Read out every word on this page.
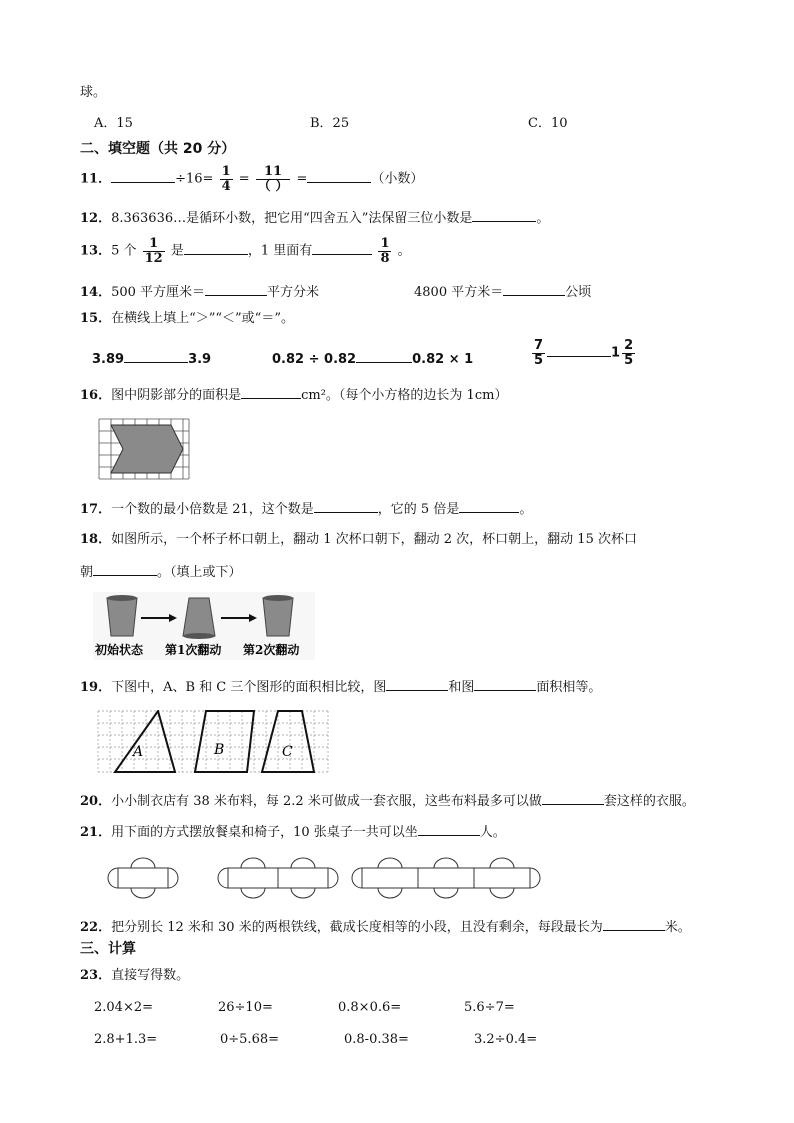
球。
A．15	B．25	C．10
二、填空题（共 20 分）
11．	$\div 16= \frac{1}{4} = \frac{11}{( )}$ =	（小数）
12．8.363636…是循环小数，把它用“四舍五入”法保留三位小数是	。
13．5 个 $\frac{1}{12}$ 是	，1 里面有	$\frac{1}{8}$ 。
14．500 平方厘米＝	平方分米	4800 平方米＝	公顷
15．在横线上填上“＞”“＜”或“＝”。
3.89	3.9	0.82 ÷ 0.82	0.82 × 1	$\frac{7}{5}$	$1 \frac{2}{5}$
16．图中阴影部分的面积是	cm²。（每个小方格的边长为 1cm）
17．一个数的最小倍数是 21，这个数是	，它的 5 倍是	。
18．如图所示，一个杯子杯口朝上，翻动 1 次杯口朝下，翻动 2 次，杯口朝上，翻动 15 次杯口
朝	。（填上或下）
初始状态 第1次翻动 第2次翻动
19．下图中，A、B 和 C 三个图形的面积相比较，图	和图	面积相等。
A	B	C
20．小小制衣店有 38 米布料，每 2.2 米可做成一套衣服，这些布料最多可以做	套这样的衣服。
21．用下面的方式摆放餐桌和椅子，10 张桌子一共可以坐	人。
22．把分别长 12 米和 30 米的两根铁线，截成长度相等的小段，且没有剩余，每段最长为	米。
三、计算
23．直接写得数。
2.04×2=	26÷10=	0.8×0.6=	5.6÷7=
2.8+1.3=	0÷5.68=	0.8-0.38=	3.2÷0.4=
